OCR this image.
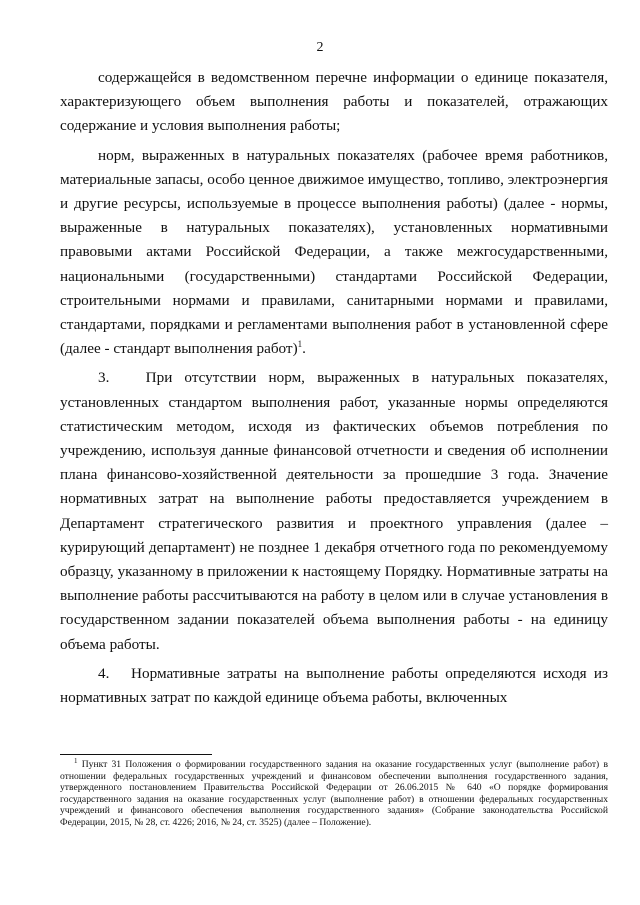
2

содержащейся в ведомственном перечне информации о единице показателя, характеризующего объем выполнения работы и показателей, отражающих содержание и условия выполнения работы;

норм, выраженных в натуральных показателях (рабочее время работников, материальные запасы, особо ценное движимое имущество, топливо, электроэнергия и другие ресурсы, используемые в процессе выполнения работы) (далее - нормы, выраженные в натуральных показателях), установленных нормативными правовыми актами Российской Федерации, а также межгосударственными, национальными (государственными) стандартами Российской Федерации, строительными нормами и правилами, санитарными нормами и правилами, стандартами, порядками и регламентами выполнения работ в установленной сфере (далее - стандарт выполнения работ)$^1$.

3.   При отсутствии норм, выраженных в натуральных показателях, установленных стандартом выполнения работ, указанные нормы определяются статистическим методом, исходя из фактических объемов потребления по учреждению, используя данные финансовой отчетности и сведения об исполнении плана финансово-хозяйственной деятельности за прошедшие 3 года. Значение нормативных затрат на выполнение работы предоставляется учреждением в Департамент стратегического развития и проектного управления (далее – курирующий департамент) не позднее 1 декабря отчетного года по рекомендуемому образцу, указанному в приложении к настоящему Порядку. Нормативные затраты на выполнение работы рассчитываются на работу в целом или в случае установления в государственном задании показателей объема выполнения работы - на единицу объема работы.

4.   Нормативные затраты на выполнение работы определяются исходя из нормативных затрат по каждой единице объема работы, включенных

$^1$ Пункт 31 Положения о формировании государственного задания на оказание государственных услуг (выполнение работ) в отношении федеральных государственных учреждений и финансовом обеспечении выполнения государственного задания, утвержденного постановлением Правительства Российской Федерации от 26.06.2015 № 640 «О порядке формирования государственного задания на оказание государственных услуг (выполнение работ) в отношении федеральных государственных учреждений и финансового обеспечения выполнения государственного задания» (Собрание законодательства Российской Федерации, 2015, № 28, ст. 4226; 2016, № 24, ст. 3525) (далее – Положение).
